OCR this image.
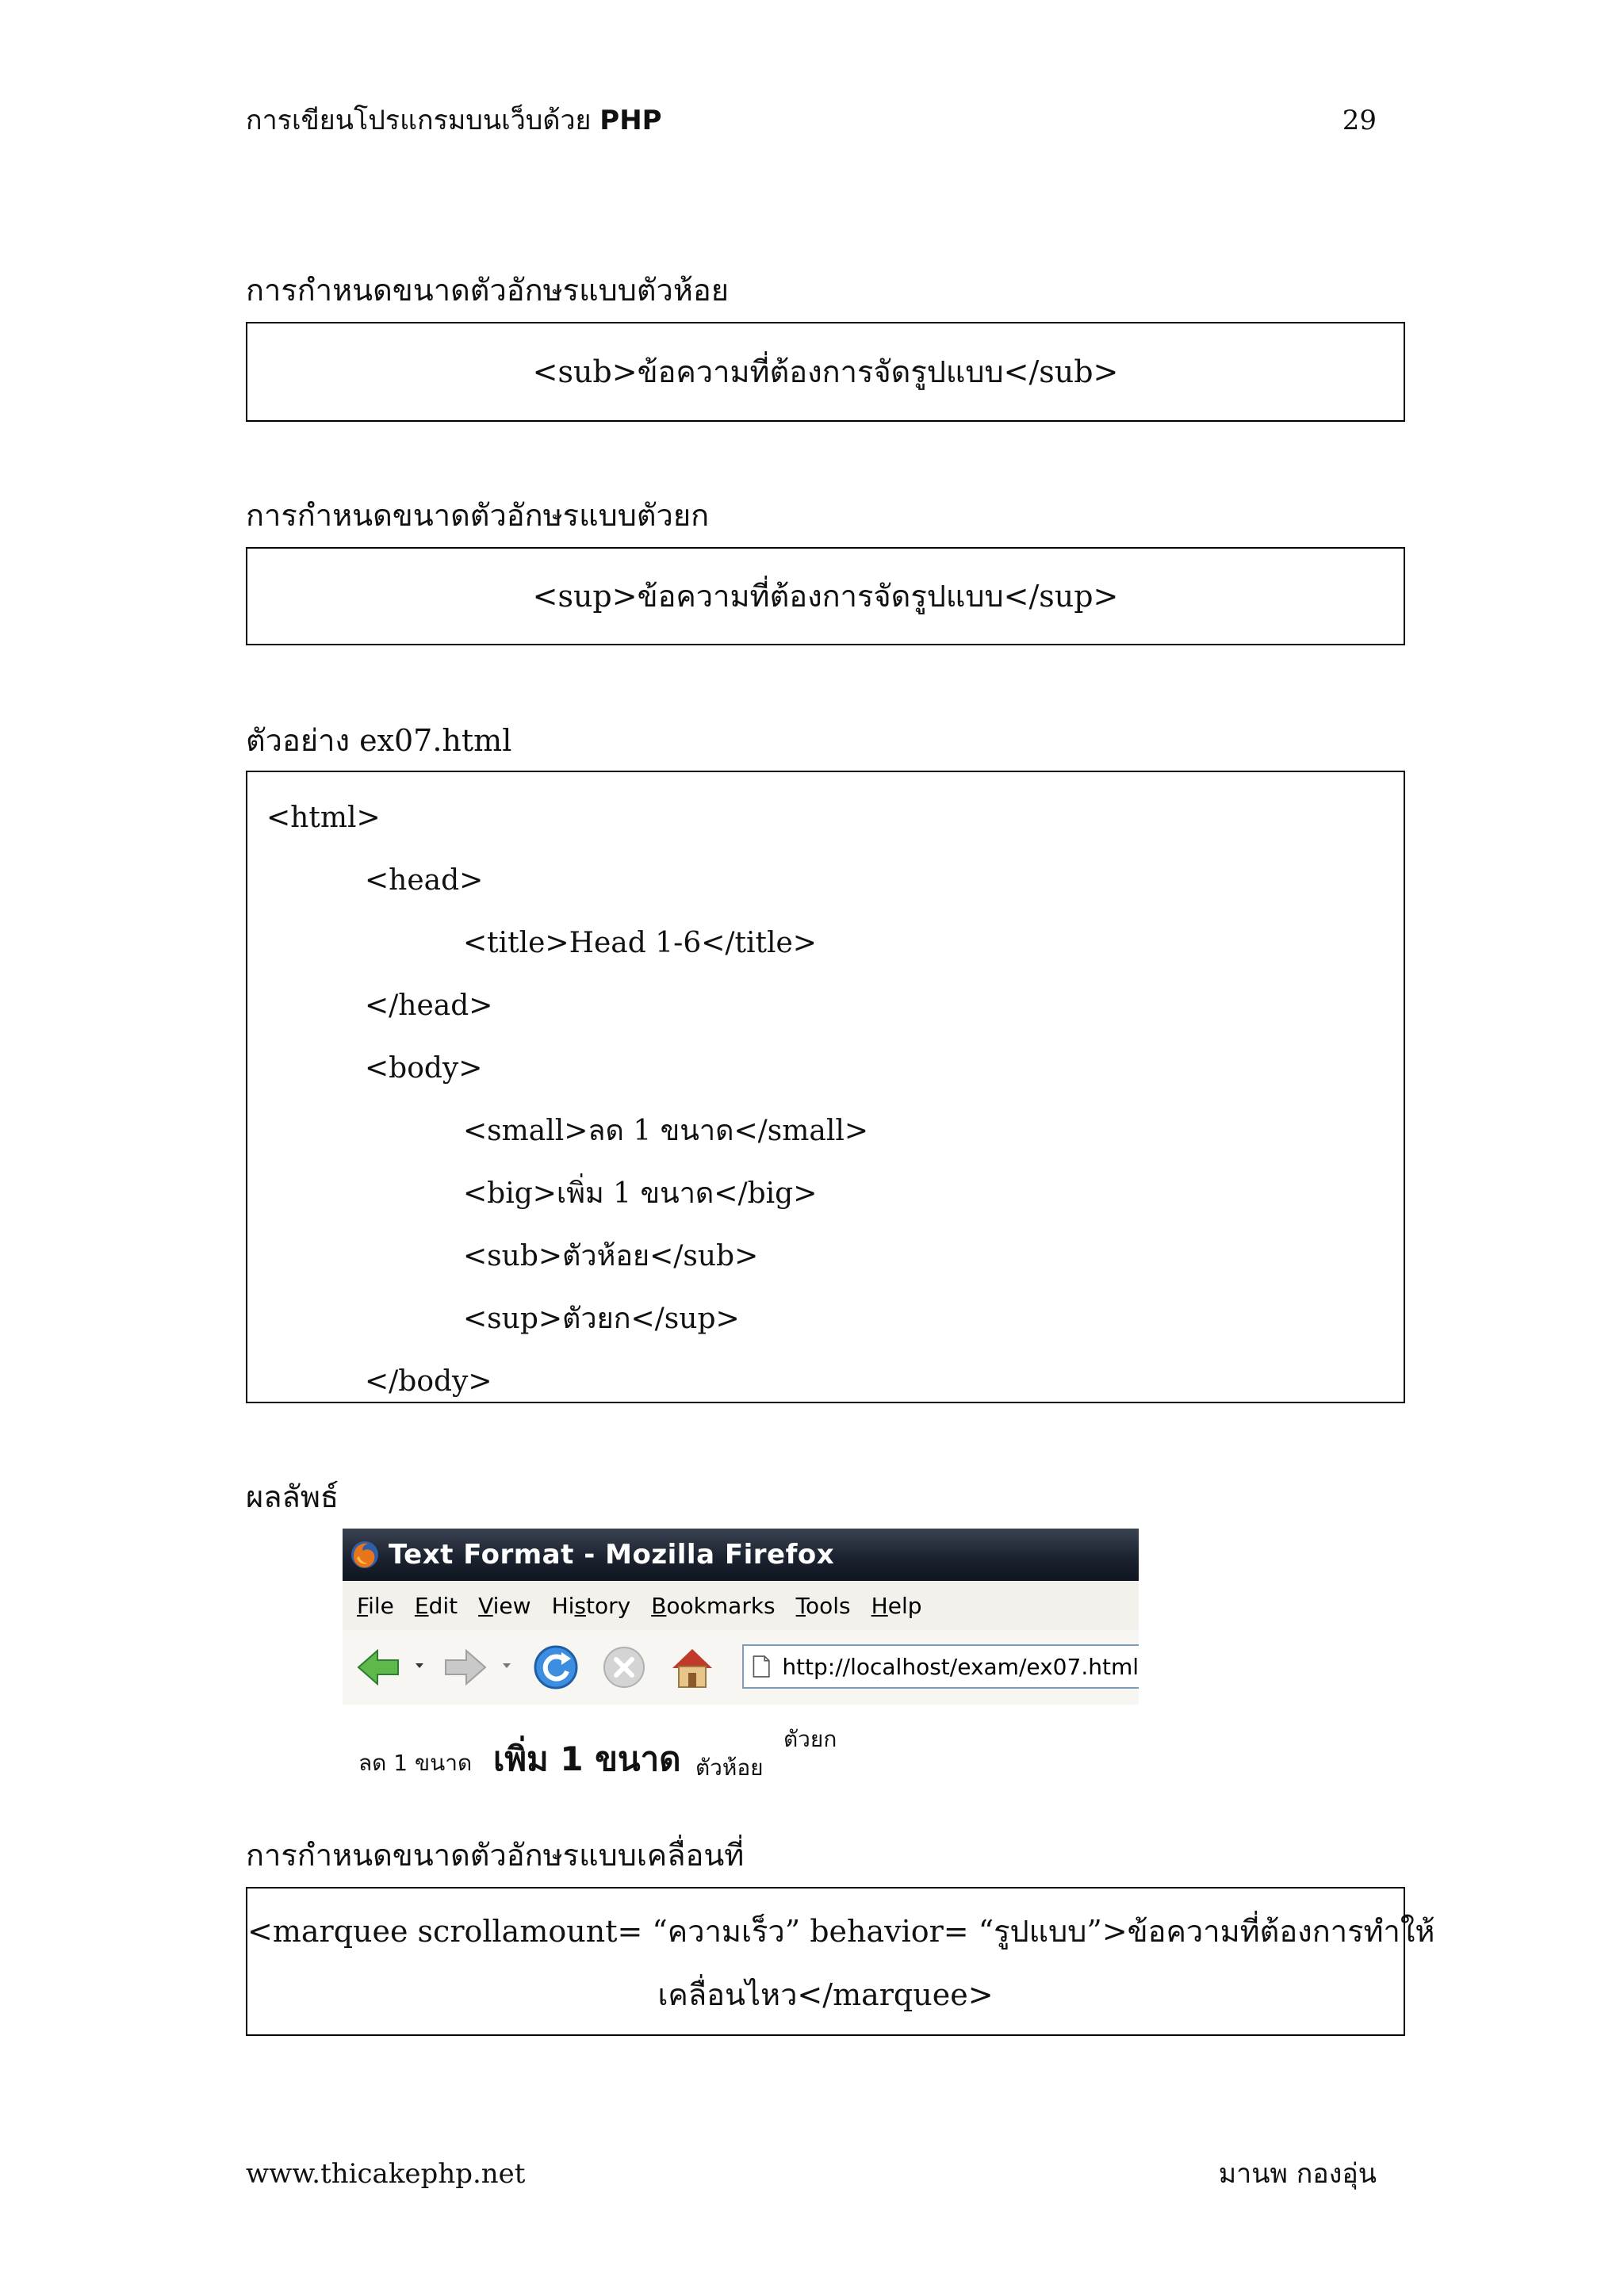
การเขียนโปรแกรมบนเว็บด้วย PHP	29
การกำหนดขนาดตัวอักษรแบบตัวห้อย
<sub>ข้อความที่ต้องการจัดรูปแบบ</sub>
การกำหนดขนาดตัวอักษรแบบตัวยก
<sup>ข้อความที่ต้องการจัดรูปแบบ</sup>
ตัวอย่าง ex07.html
<html>
<head>
<title>Head 1-6</title>
</head>
<body>
<small>ลด 1 ขนาด</small>
<big>เพิ่ม 1 ขนาด</big>
<sub>ตัวห้อย</sub>
<sup>ตัวยก</sup>
</body>
ผลลัพธ์
Text Format - Mozilla Firefox
File Edit View History Bookmarks Tools Help
http://localhost/exam/ex07.html
ลด 1 ขนาด เพิ่ม 1 ขนาด ตัวห้อย
ตัวยก
การกำหนดขนาดตัวอักษรแบบเคลื่อนที่
<marquee scrollamount= “ความเร็ว” behavior= “รูปแบบ”>ข้อความที่ต้องการทำให้
เคลื่อนไหว</marquee>
www.thicakephp.net	มานพ กองอุ่น
